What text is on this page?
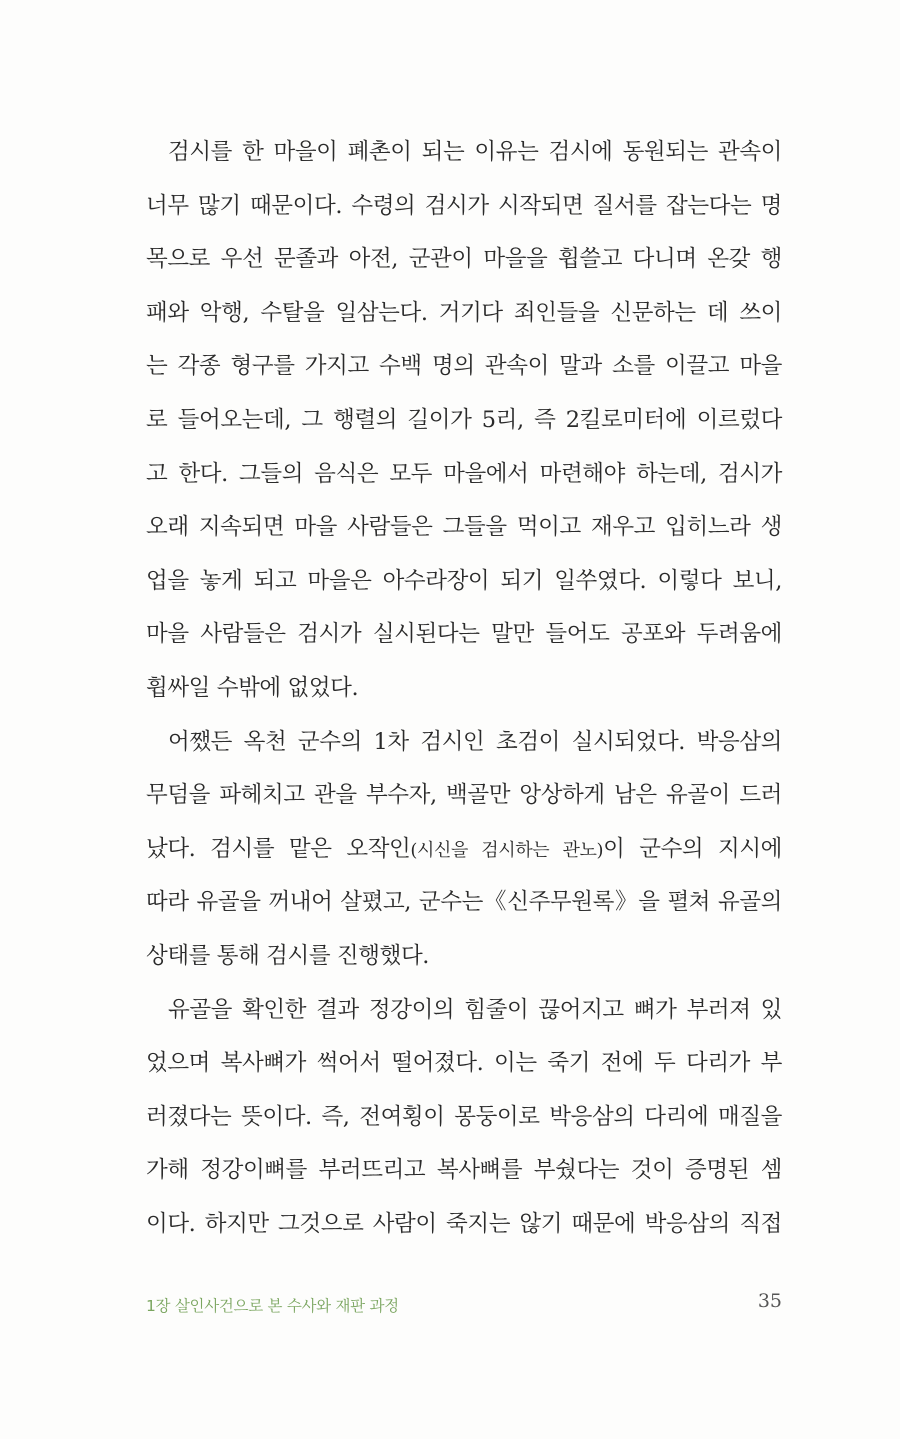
검시를 한 마을이 폐촌이 되는 이유는 검시에 동원되는 관속이
너무 많기 때문이다. 수령의 검시가 시작되면 질서를 잡는다는 명
목으로 우선 문졸과 아전, 군관이 마을을 휩쓸고 다니며 온갖 행
패와 악행, 수탈을 일삼는다. 거기다 죄인들을 신문하는 데 쓰이
는 각종 형구를 가지고 수백 명의 관속이 말과 소를 이끌고 마을
로 들어오는데, 그 행렬의 길이가 5리, 즉 2킬로미터에 이르렀다
고 한다. 그들의 음식은 모두 마을에서 마련해야 하는데, 검시가
오래 지속되면 마을 사람들은 그들을 먹이고 재우고 입히느라 생
업을 놓게 되고 마을은 아수라장이 되기 일쑤였다. 이렇다 보니,
마을 사람들은 검시가 실시된다는 말만 들어도 공포와 두려움에
휩싸일 수밖에 없었다.
어쨌든 옥천 군수의 1차 검시인 초검이 실시되었다. 박응삼의
무덤을 파헤치고 관을 부수자, 백골만 앙상하게 남은 유골이 드러
났다. 검시를 맡은 오작인(시신을 검시하는 관노)이 군수의 지시에
따라 유골을 꺼내어 살폈고, 군수는《신주무원록》을 펼쳐 유골의
상태를 통해 검시를 진행했다.
유골을 확인한 결과 정강이의 힘줄이 끊어지고 뼈가 부러져 있
었으며 복사뼈가 썩어서 떨어졌다. 이는 죽기 전에 두 다리가 부
러졌다는 뜻이다. 즉, 전여횡이 몽둥이로 박응삼의 다리에 매질을
가해 정강이뼈를 부러뜨리고 복사뼈를 부쉈다는 것이 증명된 셈
이다. 하지만 그것으로 사람이 죽지는 않기 때문에 박응삼의 직접
1장 살인사건으로 본 수사와 재판 과정	35
